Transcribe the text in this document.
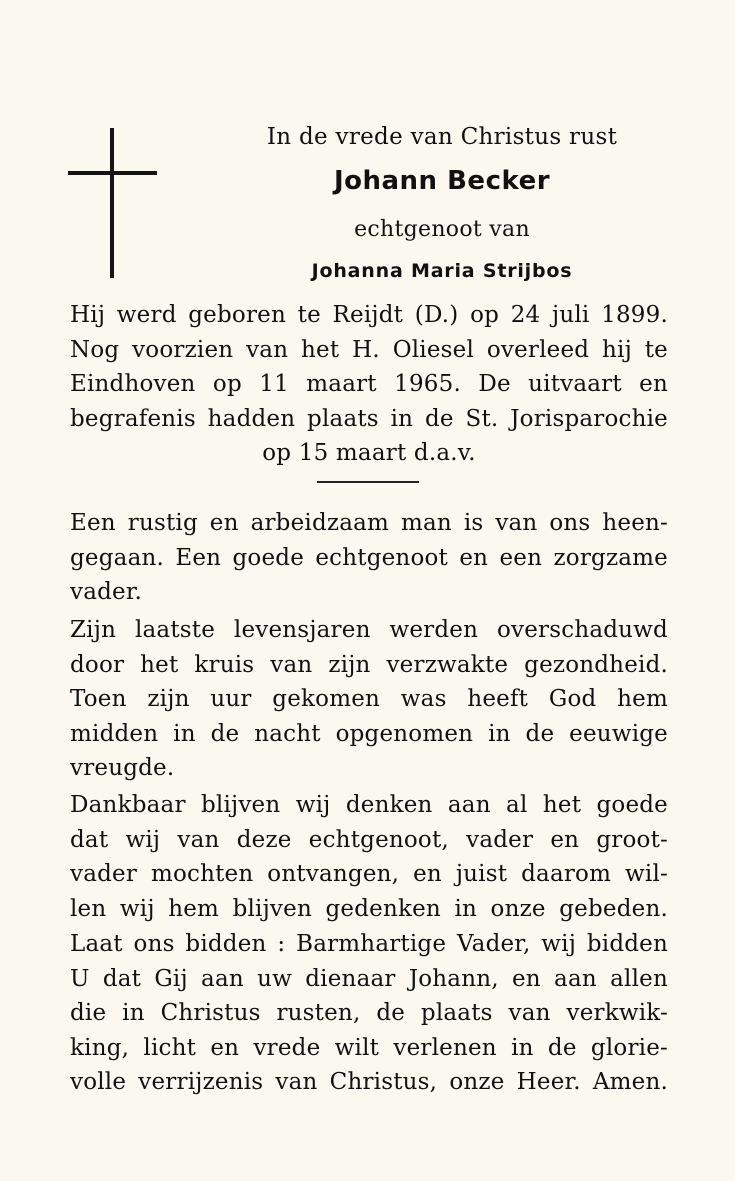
In de vrede van Christus rust
Johann Becker
echtgenoot van
Johanna Maria Strijbos
Hij werd geboren te Reijdt (D.) op 24 juli 1899.
Nog voorzien van het H. Oliesel overleed hij te
Eindhoven op 11 maart 1965. De uitvaart en
begrafenis hadden plaats in de St. Jorisparochie
op 15 maart d.a.v.
Een rustig en arbeidzaam man is van ons heen-
gegaan. Een goede echtgenoot en een zorgzame
vader.
Zijn laatste levensjaren werden overschaduwd
door het kruis van zijn verzwakte gezondheid.
Toen zijn uur gekomen was heeft God hem
midden in de nacht opgenomen in de eeuwige
vreugde.
Dankbaar blijven wij denken aan al het goede
dat wij van deze echtgenoot, vader en groot-
vader mochten ontvangen, en juist daarom wil-
len wij hem blijven gedenken in onze gebeden.
Laat ons bidden : Barmhartige Vader, wij bidden
U dat Gij aan uw dienaar Johann, en aan allen
die in Christus rusten, de plaats van verkwik-
king, licht en vrede wilt verlenen in de glorie-
volle verrijzenis van Christus, onze Heer. Amen.
